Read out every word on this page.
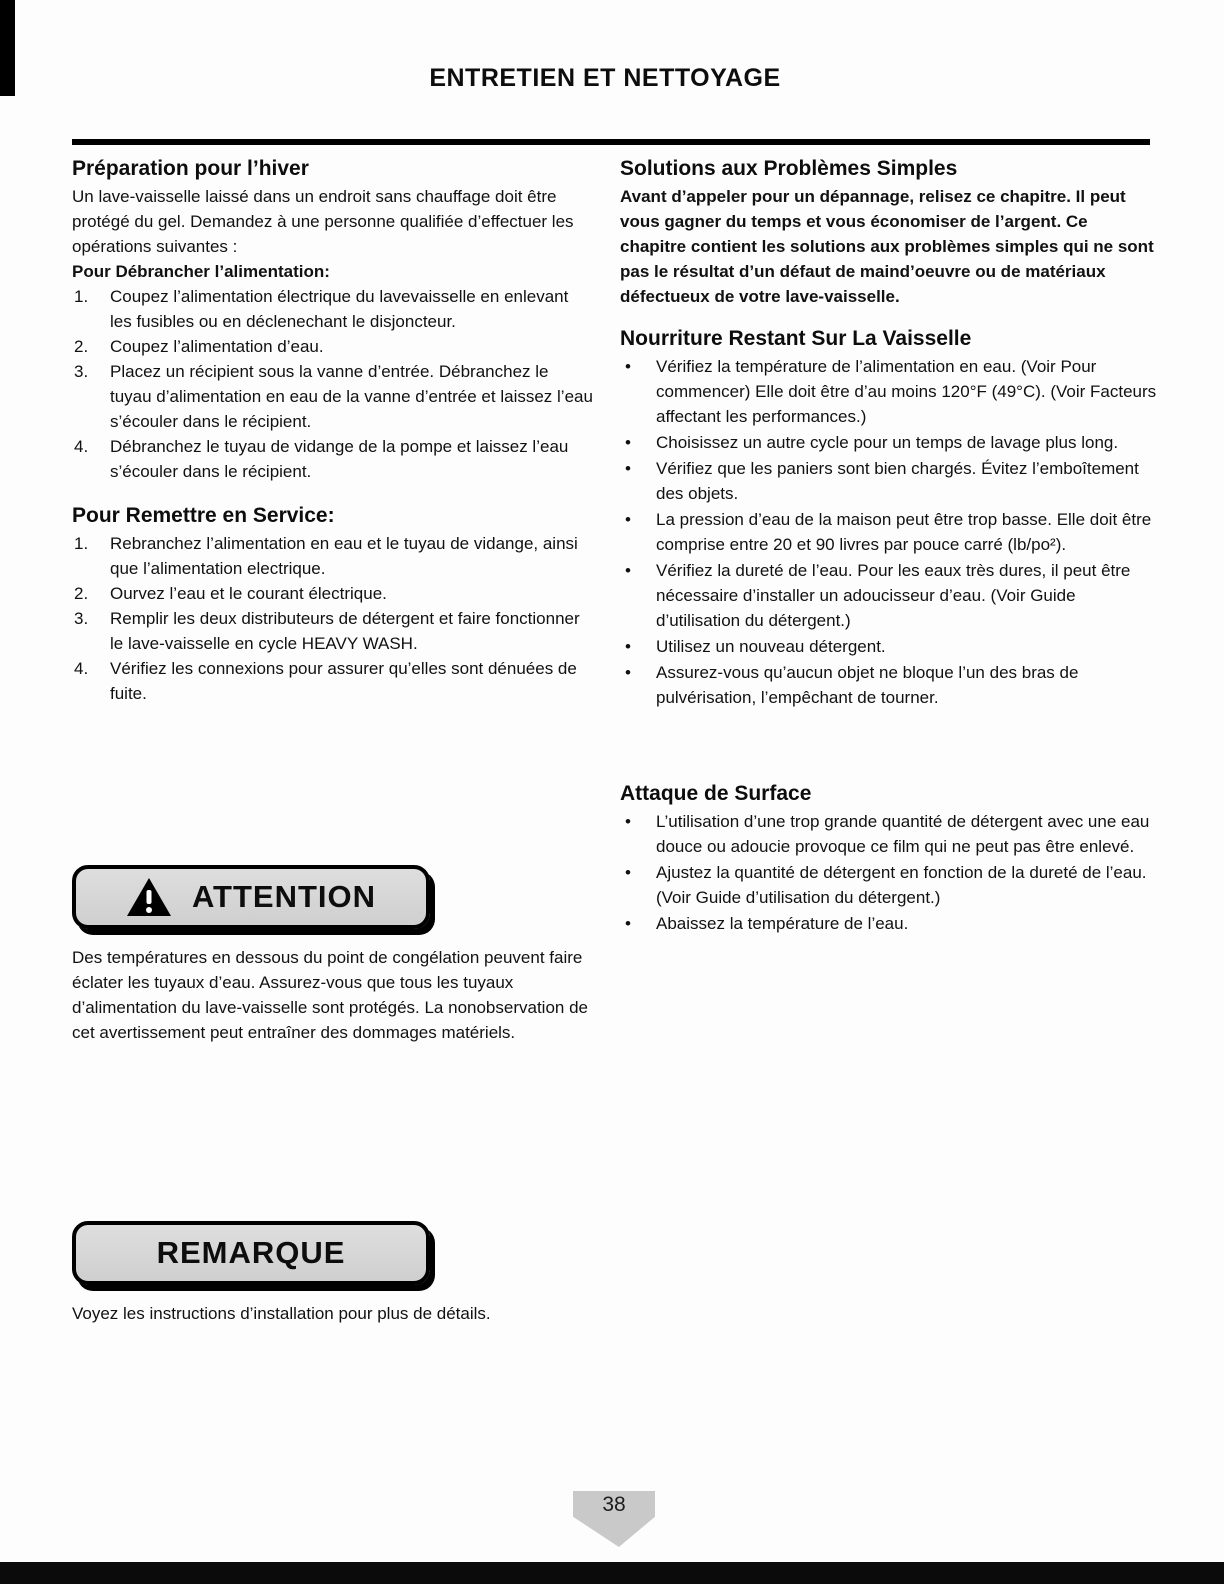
ENTRETIEN ET NETTOYAGE
Préparation pour l’hiver

Un lave-vaisselle laissé dans un endroit sans chauffage doit être protégé du gel. Demandez à une personne qualifiée d’effectuer les opérations suivantes :

Pour Débrancher l’alimentation:
Coupez l’alimentation électrique du lavevaisselle en enlevant les fusibles ou en déclenechant le disjoncteur.
Coupez l’alimentation d’eau.
Placez un récipient sous la vanne d’entrée. Débranchez le tuyau d’alimentation en eau de la vanne d’entrée et laissez l’eau s’écouler dans le récipient.
Débranchez le tuyau de vidange de la pompe et laissez l’eau s’écouler dans le récipient.
Pour Remettre en Service:
Rebranchez l’alimentation en eau et le tuyau de vidange, ainsi que l’alimentation electrique.
Ourvez l’eau et le courant électrique.
Remplir les deux distributeurs de détergent et faire fonctionner le lave-vaisselle en cycle HEAVY WASH.
Vérifiez les connexions pour assurer qu’elles sont dénuées de fuite.
ATTENTION

Des températures en dessous du point de congélation peuvent faire éclater les tuyaux d’eau. Assurez-vous que tous les tuyaux d’alimentation du lave-vaisselle sont protégés. La nonobservation de cet avertissement peut entraîner des dommages matériels.

REMARQUE

Voyez les instructions d’installation pour plus de détails.

Solutions aux Problèmes Simples

Avant d’appeler pour un dépannage, relisez ce chapitre. Il peut vous gagner du temps et vous économiser de l’argent. Ce chapitre contient les solutions aux problèmes simples qui ne sont pas le résultat d’un défaut de maind’oeuvre ou de matériaux défectueux de votre lave-vaisselle.

Nourriture Restant Sur La Vaisselle
• Vérifiez la température de l’alimentation en eau. (Voir Pour commencer) Elle doit être d’au moins 120°F (49°C). (Voir Facteurs affectant les performances.)
• Choisissez un autre cycle pour un temps de lavage plus long.
• Vérifiez que les paniers sont bien chargés. Évitez l’emboîtement des objets.
• La pression d’eau de la maison peut être trop basse. Elle doit être comprise entre 20 et 90 livres par pouce carré (lb/po²).
• Vérifiez la dureté de l’eau. Pour les eaux très dures, il peut être nécessaire d’installer un adoucisseur d’eau. (Voir Guide d’utilisation du détergent.)
• Utilisez un nouveau détergent.
• Assurez-vous qu’aucun objet ne bloque l’un des bras de pulvérisation, l’empêchant de tourner.
Attaque de Surface
• L’utilisation d’une trop grande quantité de détergent avec une eau douce ou adoucie provoque ce film qui ne peut pas être enlevé.
• Ajustez la quantité de détergent en fonction de la dureté de l’eau. (Voir Guide d’utilisation du détergent.)
• Abaissez la température de l’eau.
38
